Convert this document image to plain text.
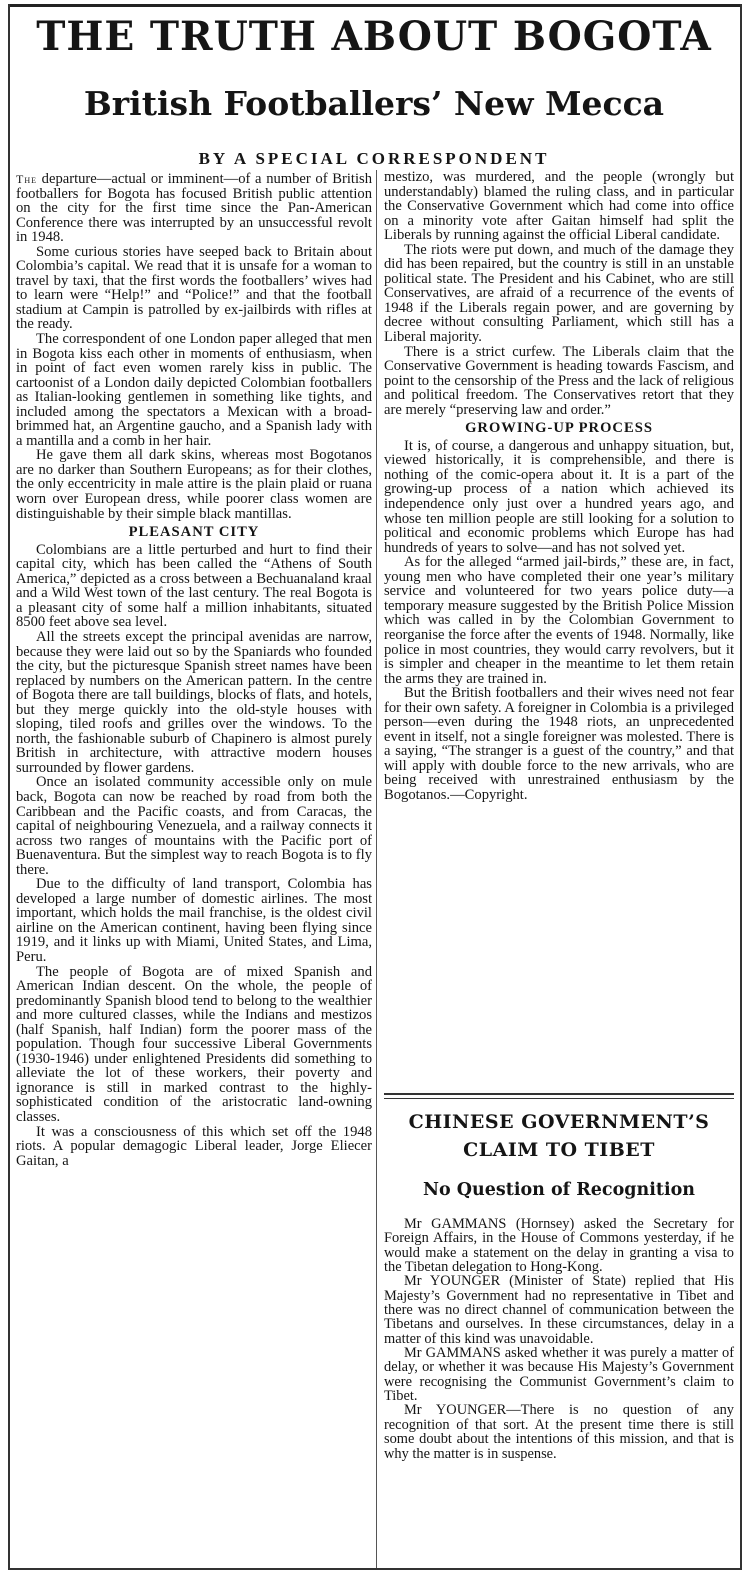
THE TRUTH ABOUT BOGOTA
British Footballers’ New Mecca
BY A SPECIAL CORRESPONDENT

The departure—actual or imminent—of a number of British footballers for Bogota has focused British public attention on the city for the first time since the Pan-American Conference there was interrupted by an unsuccessful revolt in 1948.

Some curious stories have seeped back to Britain about Colombia’s capital. We read that it is unsafe for a woman to travel by taxi, that the first words the footballers’ wives had to learn were “Help!” and “Police!” and that the football stadium at Campin is patrolled by ex-jailbirds with rifles at the ready.

The correspondent of one London paper alleged that men in Bogota kiss each other in moments of enthusiasm, when in point of fact even women rarely kiss in public. The cartoonist of a London daily depicted Colombian footballers as Italian-looking gentlemen in something like tights, and included among the spectators a Mexican with a broad-brimmed hat, an Argentine gaucho, and a Spanish lady with a mantilla and a comb in her hair.

He gave them all dark skins, whereas most Bogotanos are no darker than Southern Europeans; as for their clothes, the only eccentricity in male attire is the plain plaid or ruana worn over European dress, while poorer class women are distinguishable by their simple black mantillas.

PLEASANT CITY

Colombians are a little perturbed and hurt to find their capital city, which has been called the “Athens of South America,” depicted as a cross between a Bechuanaland kraal and a Wild West town of the last century. The real Bogota is a pleasant city of some half a million inhabitants, situated 8500 feet above sea level.

All the streets except the principal avenidas are narrow, because they were laid out so by the Spaniards who founded the city, but the picturesque Spanish street names have been replaced by numbers on the American pattern. In the centre of Bogota there are tall buildings, blocks of flats, and hotels, but they merge quickly into the old-style houses with sloping, tiled roofs and grilles over the windows. To the north, the fashionable suburb of Chapinero is almost purely British in architecture, with attractive modern houses surrounded by flower gardens.

Once an isolated community accessible only on mule back, Bogota can now be reached by road from both the Caribbean and the Pacific coasts, and from Caracas, the capital of neighbouring Venezuela, and a railway connects it across two ranges of mountains with the Pacific port of Buenaventura. But the simplest way to reach Bogota is to fly there.

Due to the difficulty of land transport, Colombia has developed a large number of domestic airlines. The most important, which holds the mail franchise, is the oldest civil airline on the American continent, having been flying since 1919, and it links up with Miami, United States, and Lima, Peru.

The people of Bogota are of mixed Spanish and American Indian descent. On the whole, the people of predominantly Spanish blood tend to belong to the wealthier and more cultured classes, while the Indians and mestizos (half Spanish, half Indian) form the poorer mass of the population. Though four successive Liberal Governments (1930-1946) under enlightened Presidents did something to alleviate the lot of these workers, their poverty and ignorance is still in marked contrast to the highly-sophisticated condition of the aristocratic land-owning classes.

It was a consciousness of this which set off the 1948 riots. A popular demagogic Liberal leader, Jorge Eliecer Gaitan, a

mestizo, was murdered, and the people (wrongly but understandably) blamed the ruling class, and in particular the Conservative Government which had come into office on a minority vote after Gaitan himself had split the Liberals by running against the official Liberal candidate.

The riots were put down, and much of the damage they did has been repaired, but the country is still in an unstable political state. The President and his Cabinet, who are still Conservatives, are afraid of a recurrence of the events of 1948 if the Liberals regain power, and are governing by decree without consulting Parliament, which still has a Liberal majority.

There is a strict curfew. The Liberals claim that the Conservative Government is heading towards Fascism, and point to the censorship of the Press and the lack of religious and political freedom. The Conservatives retort that they are merely “preserving law and order.”

GROWING-UP PROCESS

It is, of course, a dangerous and unhappy situation, but, viewed historically, it is comprehensible, and there is nothing of the comic-opera about it. It is a part of the growing-up process of a nation which achieved its independence only just over a hundred years ago, and whose ten million people are still looking for a solution to political and economic problems which Europe has had hundreds of years to solve—and has not solved yet.

As for the alleged “armed jail-birds,” these are, in fact, young men who have completed their one year’s military service and volunteered for two years police duty—a temporary measure suggested by the British Police Mission which was called in by the Colombian Government to reorganise the force after the events of 1948. Normally, like police in most countries, they would carry revolvers, but it is simpler and cheaper in the meantime to let them retain the arms they are trained in.

But the British footballers and their wives need not fear for their own safety. A foreigner in Colombia is a privileged person—even during the 1948 riots, an unprecedented event in itself, not a single foreigner was molested. There is a saying, “The stranger is a guest of the country,” and that will apply with double force to the new arrivals, who are being received with unrestrained enthusiasm by the Bogotanos.—Copyright.

CHINESE GOVERNMENT’S
CLAIM TO TIBET
No Question of Recognition

Mr GAMMANS (Hornsey) asked the Secretary for Foreign Affairs, in the House of Commons yesterday, if he would make a statement on the delay in granting a visa to the Tibetan delegation to Hong-Kong.

Mr YOUNGER (Minister of State) replied that His Majesty’s Government had no representative in Tibet and there was no direct channel of communication between the Tibetans and ourselves. In these circumstances, delay in a matter of this kind was unavoidable.

Mr GAMMANS asked whether it was purely a matter of delay, or whether it was because His Majesty’s Government were recognising the Communist Government’s claim to Tibet.

Mr YOUNGER—There is no question of any recognition of that sort. At the present time there is still some doubt about the intentions of this mission, and that is why the matter is in suspense.
